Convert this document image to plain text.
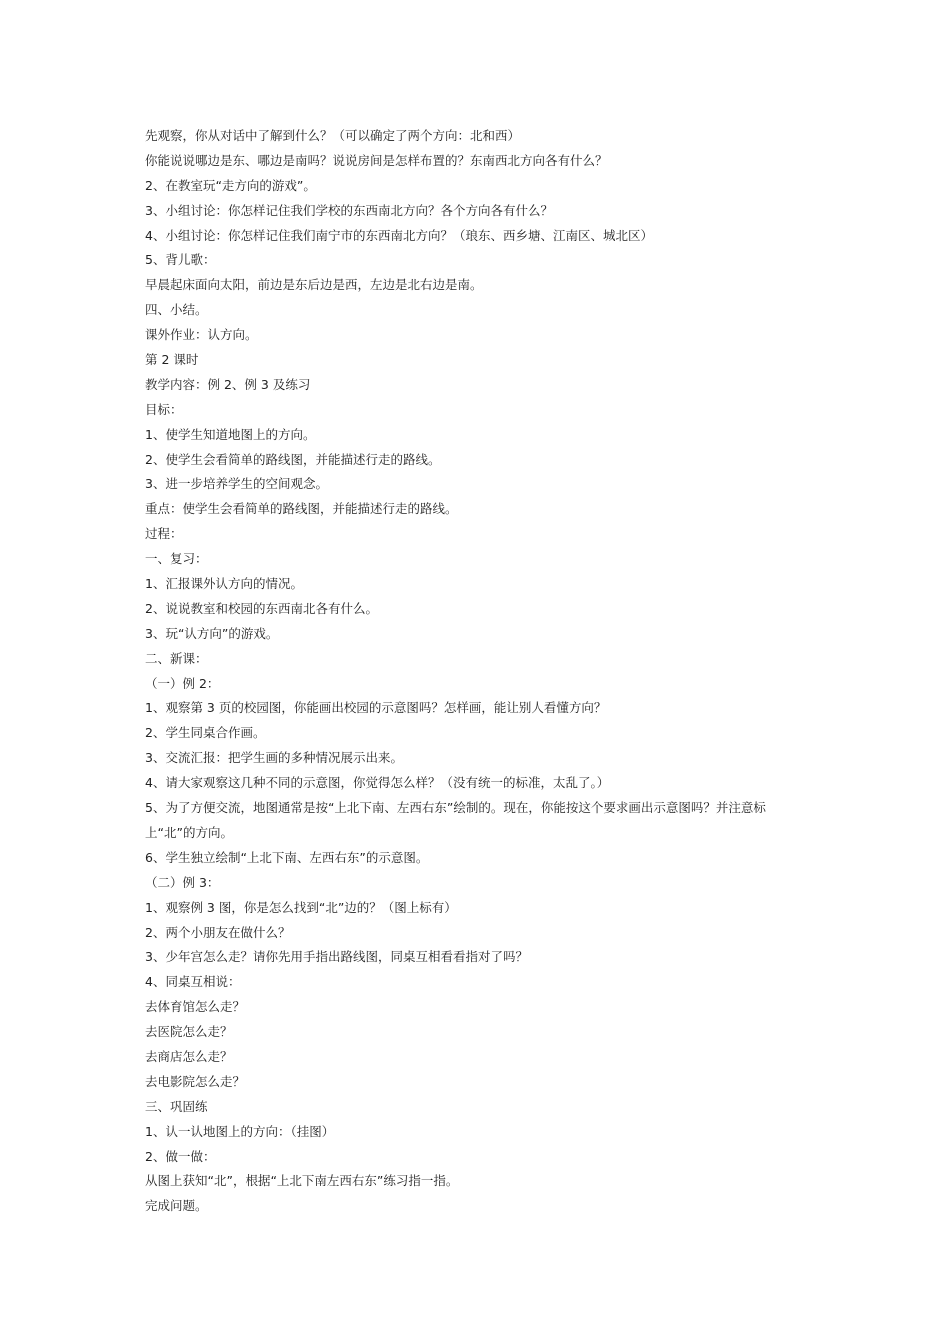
先观察，你从对话中了解到什么？（可以确定了两个方向：北和西）

你能说说哪边是东、哪边是南吗？说说房间是怎样布置的？东南西北方向各有什么？

2、在教室玩“走方向的游戏”。

3、小组讨论：你怎样记住我们学校的东西南北方向？各个方向各有什么？

4、小组讨论：你怎样记住我们南宁市的东西南北方向？（琅东、西乡塘、江南区、城北区）

5、背儿歌：

早晨起床面向太阳，前边是东后边是西，左边是北右边是南。

四、小结。

课外作业：认方向。

第 2 课时

教学内容：例 2、例 3 及练习

目标：

1、使学生知道地图上的方向。

2、使学生会看简单的路线图，并能描述行走的路线。

3、进一步培养学生的空间观念。

重点：使学生会看简单的路线图，并能描述行走的路线。

过程：

一、复习：

1、汇报课外认方向的情况。

2、说说教室和校园的东西南北各有什么。

3、玩“认方向”的游戏。

二、新课：

（一）例 2：

1、观察第 3 页的校园图，你能画出校园的示意图吗？怎样画，能让别人看懂方向？

2、学生同桌合作画。

3、交流汇报：把学生画的多种情况展示出来。

4、请大家观察这几种不同的示意图，你觉得怎么样？（没有统一的标准，太乱了。）

5、为了方便交流，地图通常是按“上北下南、左西右东”绘制的。现在，你能按这个要求画出示意图吗？并注意标

上“北”的方向。

6、学生独立绘制“上北下南、左西右东”的示意图。

（二）例 3：

1、观察例 3 图，你是怎么找到“北”边的？（图上标有）

2、两个小朋友在做什么？

3、少年宫怎么走？请你先用手指出路线图，同桌互相看看指对了吗？

4、同桌互相说：

去体育馆怎么走？

去医院怎么走？

去商店怎么走？

去电影院怎么走？

三、巩固练

1、认一认地图上的方向：（挂图）

2、做一做：

从图上获知“北”，根据“上北下南左西右东”练习指一指。

完成问题。
